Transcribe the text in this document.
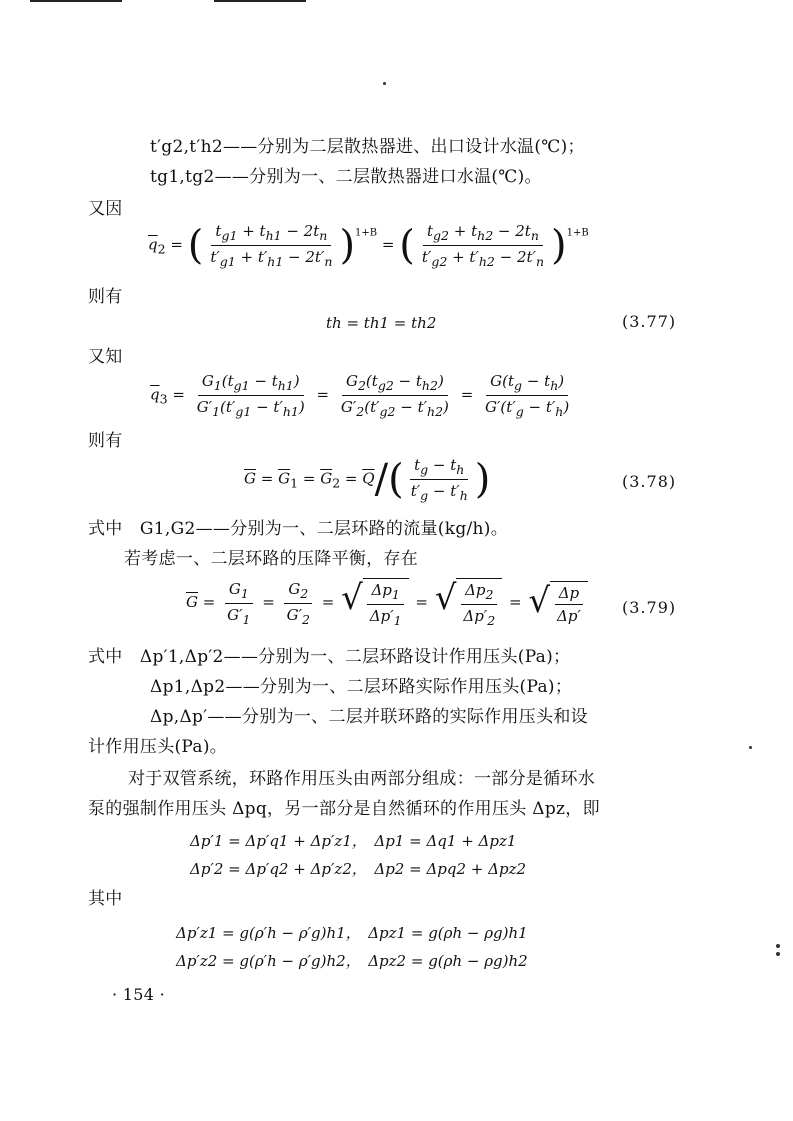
t′g2,t′h2——分别为二层散热器进、出口设计水温(℃)；
tg1,tg2——分别为一、二层散热器进口水温(℃)。
又因
$\overline{q}_2$ = ( $\frac{t_{g1} + t_{h1} - 2t_n}{t'_{g1} + t'_{h1} - 2t'_n} )^{1+B}$ = ( $\frac{t_{g2} + t_{h2} - 2t_n}{t'_{g2} + t'_{h2} - 2t'_n} )^{1+B}$
则有
th = th1 = th2	(3.77)
又知
$\overline{q}_3 = \frac{G_1(t_{g1} - t_{h1})}{G'_1(t'_{g1} - t'_{h1})} = \frac{G_2(t_{g2} - t_{h2})}{G'_2(t'_{g2} - t'_{h2})} = \frac{G(t_g - t_h)}{G'(t'_g - t'_h)}$
则有
$\overline{G} = \overline{G}_1 = \overline{G}_2 = \overline{Q}/( \frac{t_g - t_h}{t'_g - t'_h}$ )	(3.78)
式中　G1,G2——分别为一、二层环路的流量(kg/h)。
若考虑一、二层环路的压降平衡，存在
$\overline{G} = \frac{G_1}{G'_1} = \frac{G_2}{G'_2}$ = √ $\frac{\Delta p_1}{\Delta p'_1}$ = √ $\frac{\Delta p_2}{\Delta p'_2}$ = √ $\frac{\Delta p}{\Delta p'} (3.79)$
式中　Δp′1,Δp′2——分别为一、二层环路设计作用压头(Pa)；
Δp1,Δp2——分别为一、二层环路实际作用压头(Pa)；
Δp,Δp′——分别为一、二层并联环路的实际作用压头和设
计作用压头(Pa)。
对于双管系统，环路作用压头由两部分组成：一部分是循环水
泵的强制作用压头 Δpq，另一部分是自然循环的作用压头 Δpz，即
Δp′1 = Δp′q1 + Δp′z1，　Δp1 = Δq1 + Δpz1
Δp′2 = Δp′q2 + Δp′z2，　Δp2 = Δpq2 + Δpz2
其中
Δp′z1 = g(ρ′h − ρ′g)h1，　Δpz1 = g(ρh − ρg)h1
Δp′z2 = g(ρ′h − ρ′g)h2，　Δpz2 = g(ρh − ρg)h2
· 154 ·
